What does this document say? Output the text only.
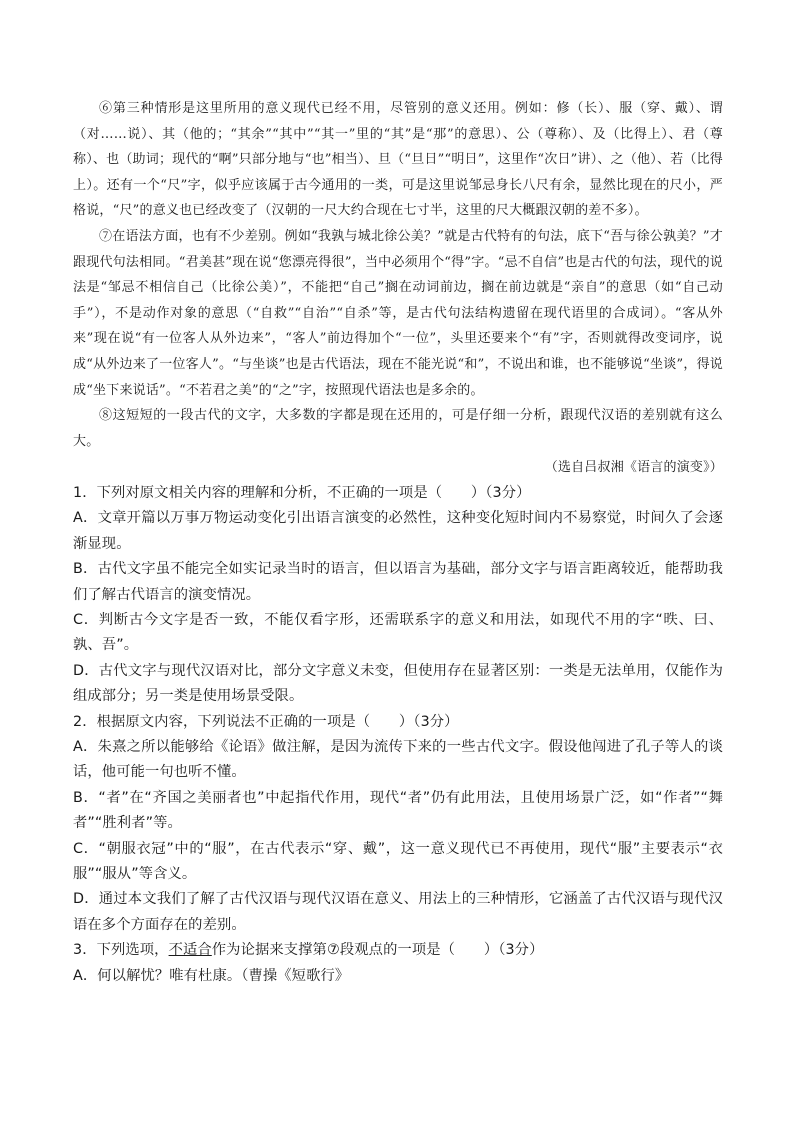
⑥第三种情形是这里所用的意义现代已经不用，尽管别的意义还用。例如：修（长）、服（穿、戴）、谓（对……说）、其（他的；“其余”“其中”“其一”里的“其”是“那”的意思）、公（尊称）、及（比得上）、君（尊称）、也（助词；现代的“啊”只部分地与“也”相当）、旦（“旦日”“明日”，这里作“次日”讲）、之（他）、若（比得上）。还有一个“尺”字，似乎应该属于古今通用的一类，可是这里说邹忌身长八尺有余，显然比现在的尺小，严格说，“尺”的意义也已经改变了（汉朝的一尺大约合现在七寸半，这里的尺大概跟汉朝的差不多）。

⑦在语法方面，也有不少差别。例如“我孰与城北徐公美？”就是古代特有的句法，底下“吾与徐公孰美？”才跟现代句法相同。“君美甚”现在说“您漂亮得很”，当中必须用个“得”字。“忌不自信”也是古代的句法，现代的说法是“邹忌不相信自己（比徐公美）”，不能把“自己”搁在动词前边，搁在前边就是“亲自”的意思（如“自己动手”），不是动作对象的意思（“自救”“自治”“自杀”等，是古代句法结构遗留在现代语里的合成词）。“客从外来”现在说“有一位客人从外边来”，“客人”前边得加个“一位”，头里还要来个“有”字，否则就得改变词序，说成“从外边来了一位客人”。“与坐谈”也是古代语法，现在不能光说“和”，不说出和谁，也不能够说“坐谈”，得说成“坐下来说话”。“不若君之美”的“之”字，按照现代语法也是多余的。

⑧这短短的一段古代的文字，大多数的字都是现在还用的，可是仔细一分析，跟现代汉语的差别就有这么大。

（选自吕叔湘《语言的演变》）

1．下列对原文相关内容的理解和分析，不正确的一项是（　　）（3分）

A．文章开篇以万事万物运动变化引出语言演变的必然性，这种变化短时间内不易察觉，时间久了会逐渐显现。

B．古代文字虽不能完全如实记录当时的语言，但以语言为基础，部分文字与语言距离较近，能帮助我们了解古代语言的演变情况。

C．判断古今文字是否一致，不能仅看字形，还需联系字的意义和用法，如现代不用的字“昳、曰、孰、吾”。

D．古代文字与现代汉语对比，部分文字意义未变，但使用存在显著区别：一类是无法单用，仅能作为组成部分；另一类是使用场景受限。

2．根据原文内容，下列说法不正确的一项是（　　）（3分）

A．朱熹之所以能够给《论语》做注解，是因为流传下来的一些古代文字。假设他闯进了孔子等人的谈话，他可能一句也听不懂。

B．“者”在“齐国之美丽者也”中起指代作用，现代“者”仍有此用法，且使用场景广泛，如“作者”“舞者”“胜利者”等。

C．“朝服衣冠”中的“服”，在古代表示“穿、戴”，这一意义现代已不再使用，现代“服”主要表示“衣服”“服从”等含义。

D．通过本文我们了解了古代汉语与现代汉语在意义、用法上的三种情形，它涵盖了古代汉语与现代汉语在多个方面存在的差别。

3．下列选项，不适合作为论据来支撑第⑦段观点的一项是（　　）（3分）

A．何以解忧？唯有杜康。（曹操《短歌行》
